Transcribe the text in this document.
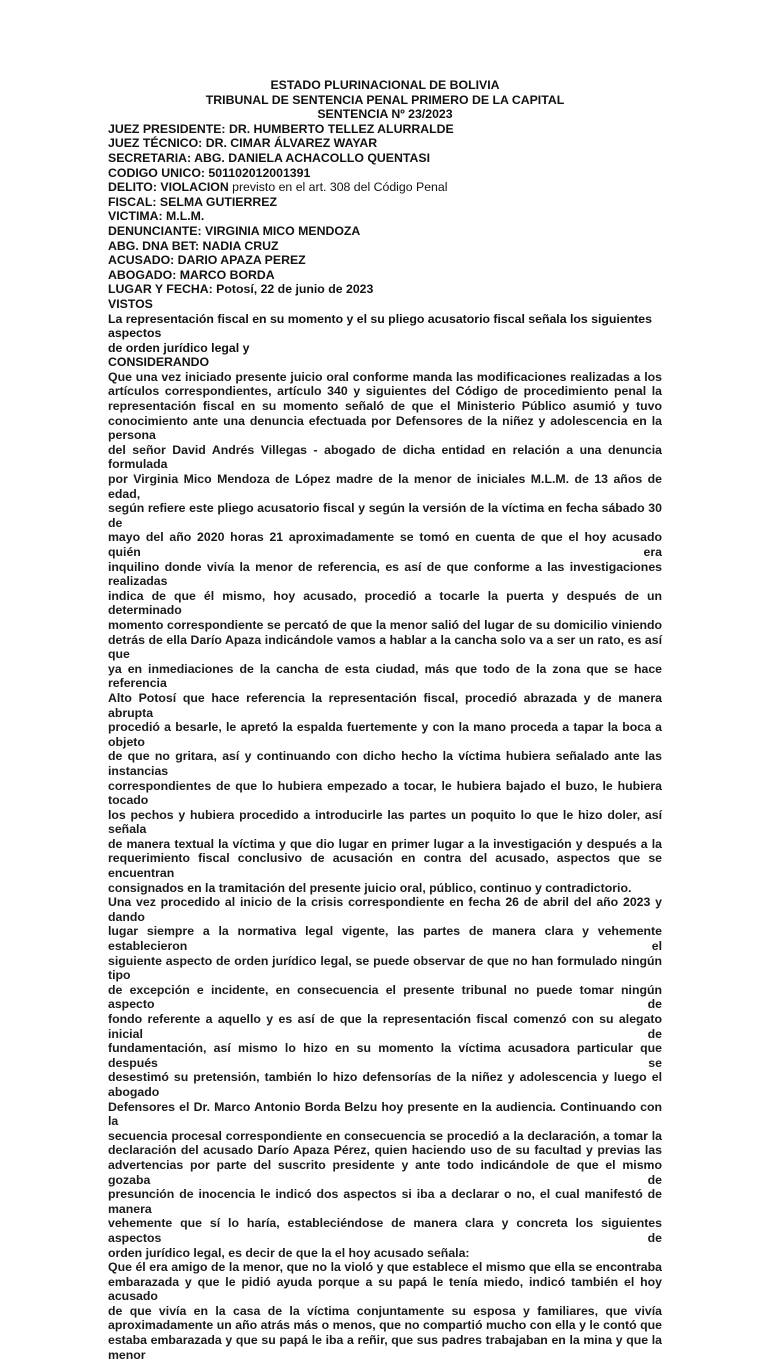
ESTADO PLURINACIONAL DE BOLIVIA
TRIBUNAL DE SENTENCIA PENAL PRIMERO DE LA CAPITAL
SENTENCIA Nº 23/2023
JUEZ PRESIDENTE: DR. HUMBERTO TELLEZ ALURRALDE
JUEZ TÉCNICO: DR. CIMAR ÁLVAREZ WAYAR
SECRETARIA: ABG. DANIELA ACHACOLLO QUENTASI
CODIGO UNICO: 501102012001391
DELITO: VIOLACION previsto en el art. 308 del Código Penal
FISCAL: SELMA GUTIERREZ
VICTIMA: M.L.M.
DENUNCIANTE: VIRGINIA MICO MENDOZA
ABG. DNA BET: NADIA CRUZ
ACUSADO: DARIO APAZA PEREZ
ABOGADO: MARCO BORDA
LUGAR Y FECHA: Potosí, 22 de junio de 2023
VISTOS
La representación fiscal en su momento y el su pliego acusatorio fiscal señala los siguientes aspectos
de orden jurídico legal y
CONSIDERANDO
Que una vez iniciado presente juicio oral conforme manda las modificaciones realizadas a los
artículos correspondientes, artículo 340 y siguientes del Código de procedimiento penal la
representación fiscal en su momento señaló de que el Ministerio Público asumió y tuvo
conocimiento ante una denuncia efectuada por Defensores de la niñez y adolescencia en la persona
del señor David Andrés Villegas - abogado de dicha entidad en relación a una denuncia formulada
por Virginia Mico Mendoza de López madre de la menor de iniciales M.L.M. de 13 años de edad,
según refiere este pliego acusatorio fiscal y según la versión de la víctima en fecha sábado 30 de
mayo del año 2020 horas 21 aproximadamente se tomó en cuenta de que el hoy acusado quién era
inquilino donde vivía la menor de referencia, es así de que conforme a las investigaciones realizadas
indica de que él mismo, hoy acusado, procedió a tocarle la puerta y después de un determinado
momento correspondiente se percató de que la menor salió del lugar de su domicilio viniendo
detrás de ella Darío Apaza indicándole vamos a hablar a la cancha solo va a ser un rato, es así que
ya en inmediaciones de la cancha de esta ciudad, más que todo de la zona que se hace referencia
Alto Potosí que hace referencia la representación fiscal, procedió abrazada y de manera abrupta
procedió a besarle, le apretó la espalda fuertemente y con la mano proceda a tapar la boca a objeto
de que no gritara, así y continuando con dicho hecho la víctima hubiera señalado ante las instancias
correspondientes de que lo hubiera empezado a tocar, le hubiera bajado el buzo, le hubiera tocado
los pechos y hubiera procedido a introducirle las partes un poquito lo que le hizo doler, así señala
de manera textual la víctima y que dio lugar en primer lugar a la investigación y después a la
requerimiento fiscal conclusivo de acusación en contra del acusado, aspectos que se encuentran
consignados en la tramitación del presente juicio oral, público, continuo y contradictorio.
Una vez procedido al inicio de la crisis correspondiente en fecha 26 de abril del año 2023 y dando
lugar siempre a la normativa legal vigente, las partes de manera clara y vehemente establecieron el
siguiente aspecto de orden jurídico legal, se puede observar de que no han formulado ningún tipo
de excepción e incidente, en consecuencia el presente tribunal no puede tomar ningún aspecto de
fondo referente a aquello y es así de que la representación fiscal comenzó con su alegato inicial de
fundamentación, así mismo lo hizo en su momento la víctima acusadora particular que después se
desestimó su pretensión, también lo hizo defensorías de la niñez y adolescencia y luego el abogado
Defensores el Dr. Marco Antonio Borda Belzu hoy presente en la audiencia. Continuando con la
secuencia procesal correspondiente en consecuencia se procedió a la declaración, a tomar la
declaración del acusado Darío Apaza Pérez, quien haciendo uso de su facultad y previas las
advertencias por parte del suscrito presidente y ante todo indicándole de que el mismo gozaba de
presunción de inocencia le indicó dos aspectos si iba a declarar o no, el cual manifestó de manera
vehemente que sí lo haría, estableciéndose de manera clara y concreta los siguientes aspectos de
orden jurídico legal, es decir de que la el hoy acusado señala:
Que él era amigo de la menor, que no la violó y que establece el mismo que ella se encontraba
embarazada y que le pidió ayuda porque a su papá le tenía miedo, indicó también el hoy acusado
de que vivía en la casa de la víctima conjuntamente su esposa y familiares, que vivía
aproximadamente un año atrás más o menos, que no compartió mucho con ella y le contó que
estaba embarazada y que su papá le iba a reñir, que sus padres trabajaban en la mina y que la menor
